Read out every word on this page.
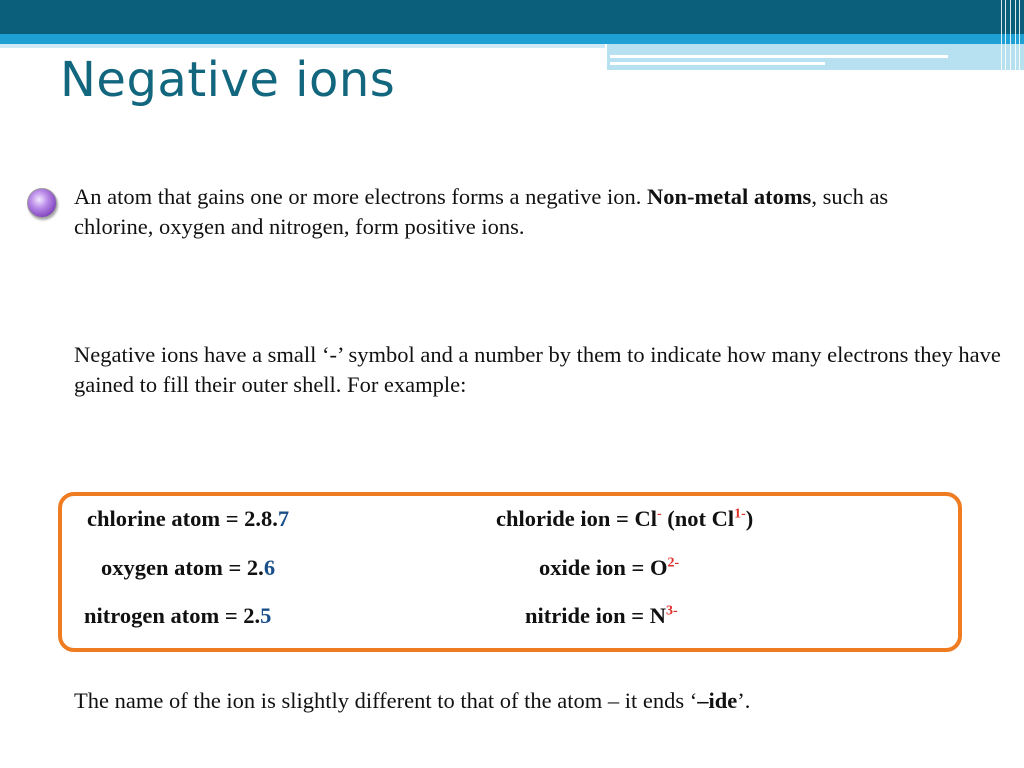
Negative ions
An atom that gains one or more electrons forms a negative ion. Non-metal atoms, such as chlorine, oxygen and nitrogen, form positive ions.
Negative ions have a small ‘-’ symbol and a number by them to indicate how many electrons they have gained to fill their outer shell. For example:
chlorine atom = 2.8.7	chloride ion = Cl- (not $Cl^{1-}$)
oxygen atom = 2.6	oxide ion = $O^{2-}$
nitrogen atom = 2.5	nitride ion = $N^{3-}$
The name of the ion is slightly different to that of the atom – it ends ‘–ide’.
